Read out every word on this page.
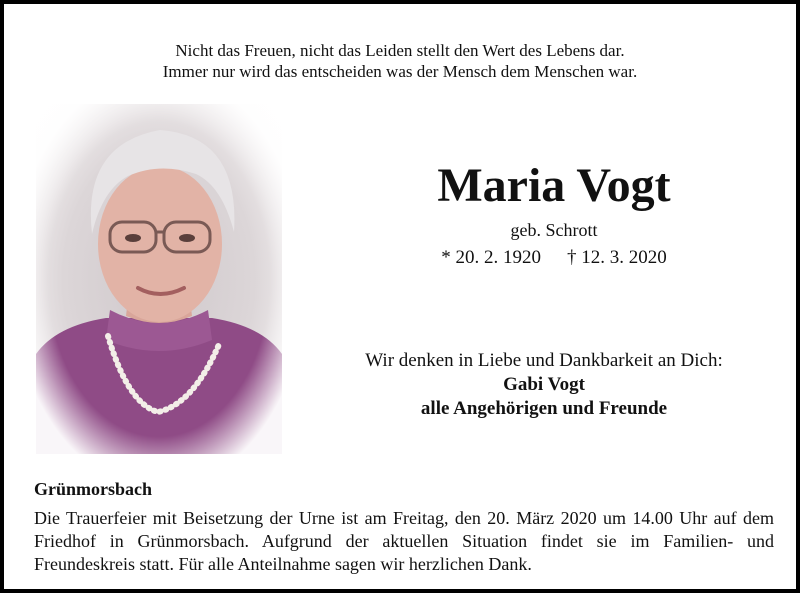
Nicht das Freuen, nicht das Leiden stellt den Wert des Lebens dar.
Immer nur wird das entscheiden was der Mensch dem Menschen war.
Maria Vogt
geb. Schrott
* 20. 2. 1920 † 12. 3. 2020
Wir denken in Liebe und Dankbarkeit an Dich:
Gabi Vogt
alle Angehörigen und Freunde
Grünmorsbach
Die Trauerfeier mit Beisetzung der Urne ist am Freitag, den 20. März 2020 um 14.00 Uhr auf dem Friedhof in Grünmorsbach. Aufgrund der aktuellen Situation findet sie im Familien- und Freundeskreis statt. Für alle Anteilnahme sagen wir herzlichen Dank.
